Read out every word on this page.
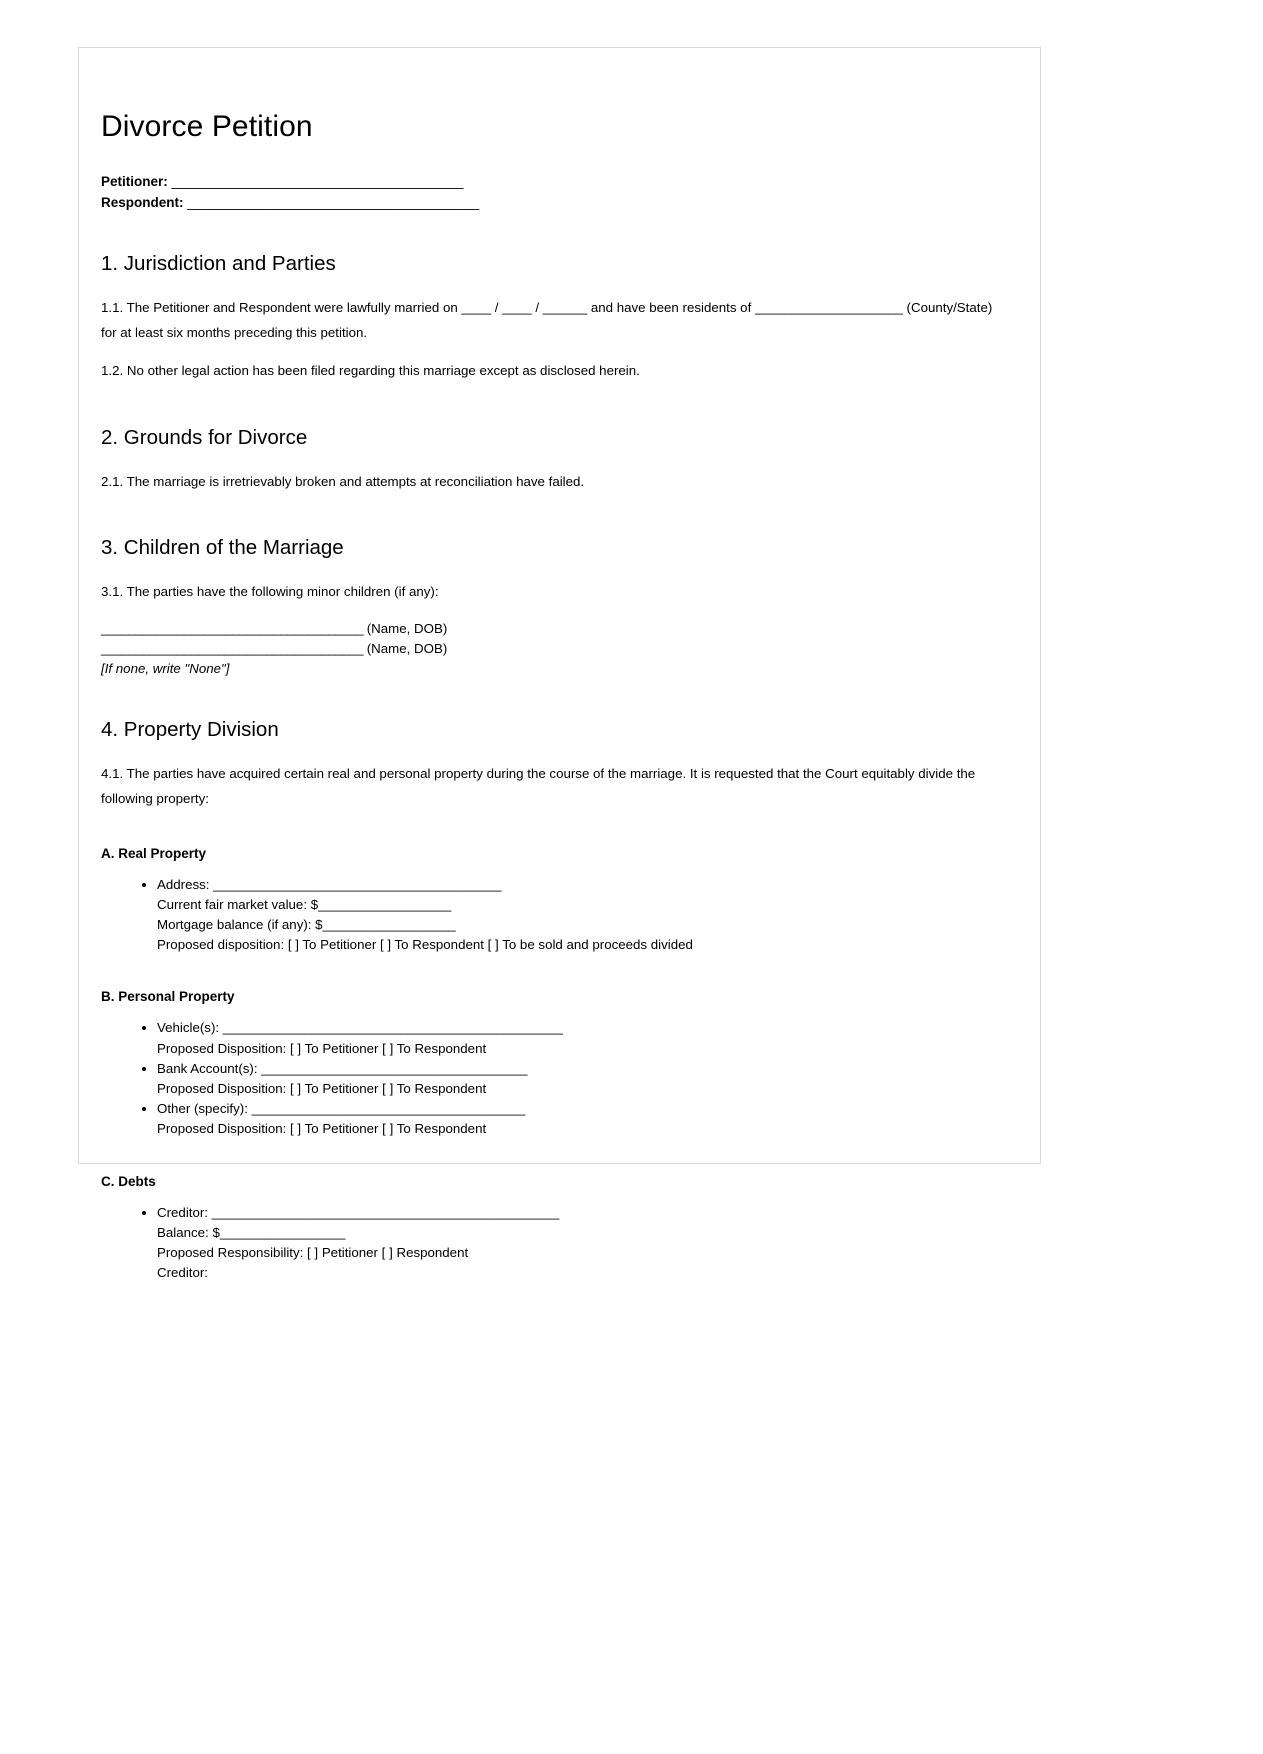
Divorce Petition

Petitioner: _________________________________________

Respondent: _________________________________________

1. Jurisdiction and Parties

1.1. The Petitioner and Respondent were lawfully married on ____ / ____ / ______ and have been residents of ____________________ (County/State) for at least six months preceding this petition.

1.2. No other legal action has been filed regarding this marriage except as disclosed herein.

2. Grounds for Divorce

2.1. The marriage is irretrievably broken and attempts at reconciliation have failed.

3. Children of the Marriage

3.1. The parties have the following minor children (if any):

______________________________________ (Name, DOB)

______________________________________ (Name, DOB)

[If none, write "None"]

4. Property Division

4.1. The parties have acquired certain real and personal property during the course of the marriage. It is requested that the Court equitably divide the following property:

A. Real Property
• Address: _______________________________________
Current fair market value: $__________________
Mortgage balance (if any): $__________________
Proposed disposition: [ ] To Petitioner [ ] To Respondent [ ] To be sold and proceeds divided
B. Personal Property
• Vehicle(s): ______________________________________________
Proposed Disposition: [ ] To Petitioner [ ] To Respondent
• Bank Account(s): ____________________________________
Proposed Disposition: [ ] To Petitioner [ ] To Respondent
• Other (specify): _____________________________________
Proposed Disposition: [ ] To Petitioner [ ] To Respondent
C. Debts
• Creditor: _______________________________________________
Balance: $_________________
Proposed Responsibility: [ ] Petitioner [ ] Respondent
Creditor:
